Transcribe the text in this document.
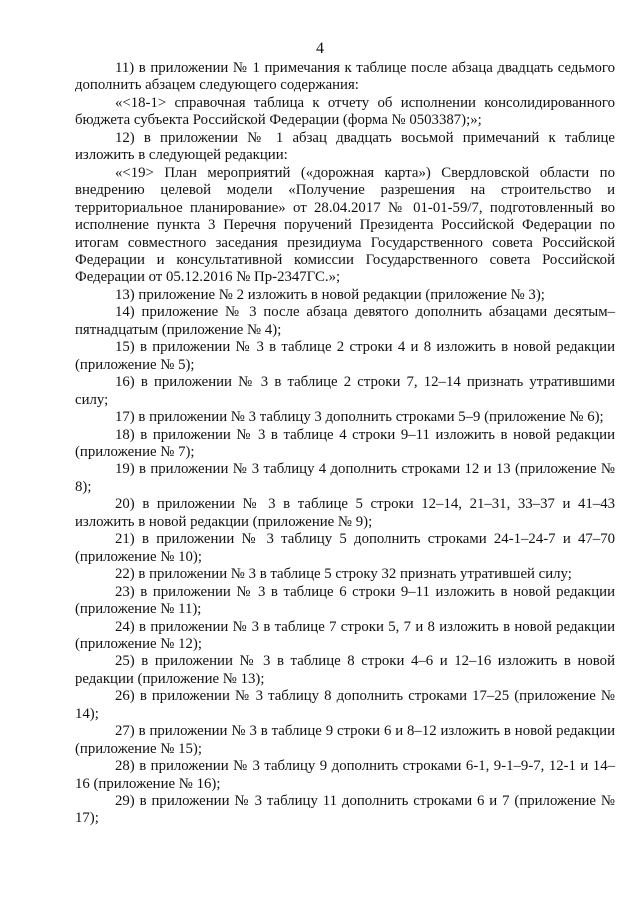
4

11) в приложении № 1 примечания к таблице после абзаца двадцать седьмого дополнить абзацем следующего содержания:

«<18-1> справочная таблица к отчету об исполнении консолидированного бюджета субъекта Российской Федерации (форма № 0503387);»;

12) в приложении № 1 абзац двадцать восьмой примечаний к таблице изложить в следующей редакции:

«<19> План мероприятий («дорожная карта») Свердловской области по внедрению целевой модели «Получение разрешения на строительство и территориальное планирование» от 28.04.2017 № 01-01-59/7, подготовленный во исполнение пункта 3 Перечня поручений Президента Российской Федерации по итогам совместного заседания президиума Государственного совета Российской Федерации и консультативной комиссии Государственного совета Российской Федерации от 05.12.2016 № Пр-2347ГС.»;

13) приложение № 2 изложить в новой редакции (приложение № 3);

14) приложение № 3 после абзаца девятого дополнить абзацами десятым–пятнадцатым (приложение № 4);

15) в приложении № 3 в таблице 2 строки 4 и 8 изложить в новой редакции (приложение № 5);

16) в приложении № 3 в таблице 2 строки 7, 12–14 признать утратившими силу;

17) в приложении № 3 таблицу 3 дополнить строками 5–9 (приложение № 6);

18) в приложении № 3 в таблице 4 строки 9–11 изложить в новой редакции (приложение № 7);

19) в приложении № 3 таблицу 4 дополнить строками 12 и 13 (приложение № 8);

20) в приложении № 3 в таблице 5 строки 12–14, 21–31, 33–37 и 41–43 изложить в новой редакции (приложение № 9);

21) в приложении № 3 таблицу 5 дополнить строками 24-1–24-7 и 47–70 (приложение № 10);

22) в приложении № 3 в таблице 5 строку 32 признать утратившей силу;

23) в приложении № 3 в таблице 6 строки 9–11 изложить в новой редакции (приложение № 11);

24) в приложении № 3 в таблице 7 строки 5, 7 и 8 изложить в новой редакции (приложение № 12);

25) в приложении № 3 в таблице 8 строки 4–6 и 12–16 изложить в новой редакции (приложение № 13);

26) в приложении № 3 таблицу 8 дополнить строками 17–25 (приложение № 14);

27) в приложении № 3 в таблице 9 строки 6 и 8–12 изложить в новой редакции (приложение № 15);

28) в приложении № 3 таблицу 9 дополнить строками 6-1, 9-1–9-7, 12-1 и 14–16 (приложение № 16);

29) в приложении № 3 таблицу 11 дополнить строками 6 и 7 (приложение № 17);
